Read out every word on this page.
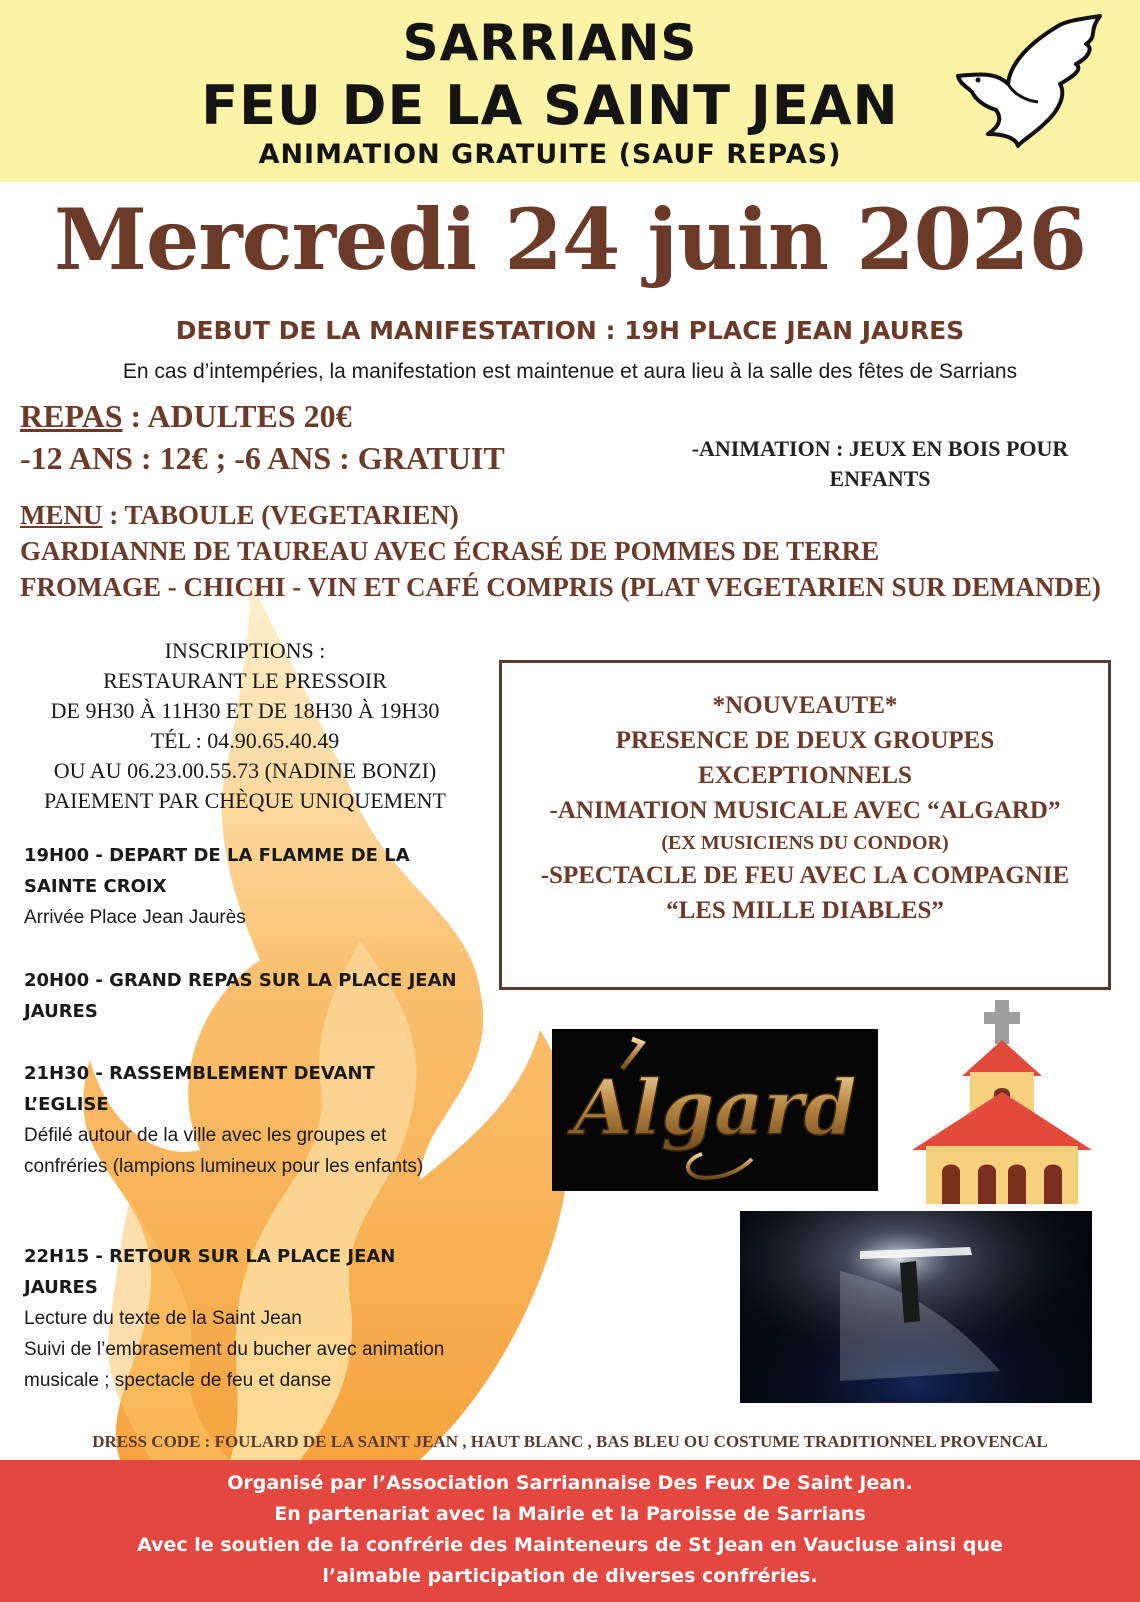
SARRIANS
FEU DE LA SAINT JEAN
ANIMATION GRATUITE (SAUF REPAS)
Mercredi 24 juin 2026
DEBUT DE LA MANIFESTATION : 19H PLACE JEAN JAURES
En cas d’intempéries, la manifestation est maintenue et aura lieu à la salle des fêtes de Sarrians
REPAS : ADULTES 20€
-12 ANS : 12€ ; -6 ANS : GRATUIT	-ANIMATION : JEUX EN BOIS POUR ENFANTS
MENU : TABOULE (VEGETARIEN)
GARDIANNE DE TAUREAU AVEC ÉCRASÉ DE POMMES DE TERRE
FROMAGE - CHICHI - VIN ET CAFÉ COMPRIS (PLAT VEGETARIEN SUR DEMANDE)
INSCRIPTIONS :
RESTAURANT LE PRESSOIR
DE 9H30 À 11H30 ET DE 18H30 À 19H30
TÉL : 04.90.65.40.49
OU AU 06.23.00.55.73 (NADINE BONZI)
PAIEMENT PAR CHÈQUE UNIQUEMENT
*NOUVEAUTE*
PRESENCE DE DEUX GROUPES
EXCEPTIONNELS
-ANIMATION MUSICALE AVEC “ALGARD”
(EX MUSICIENS DU CONDOR)
-SPECTACLE DE FEU AVEC LA COMPAGNIE
“LES MILLE DIABLES”
19H00 - DEPART DE LA FLAMME DE LA SAINTE CROIX
Arrivée Place Jean Jaurès
20H00 - GRAND REPAS SUR LA PLACE JEAN JAURES
21H30 - RASSEMBLEMENT DEVANT L’EGLISE
Défilé autour de la ville avec les groupes et confréries (lampions lumineux pour les enfants)
22H15 - RETOUR SUR LA PLACE JEAN JAURES
Lecture du texte de la Saint Jean
Suivi de l’embrasement du bucher avec animation musicale ; spectacle de feu et danse
Algard
DRESS CODE : FOULARD DE LA SAINT JEAN , HAUT BLANC , BAS BLEU OU COSTUME TRADITIONNEL PROVENCAL
Organisé par l’Association Sarriannaise Des Feux De Saint Jean.
En partenariat avec la Mairie et la Paroisse de Sarrians
Avec le soutien de la confrérie des Mainteneurs de St Jean en Vaucluse ainsi que
l’aimable participation de diverses confréries.
